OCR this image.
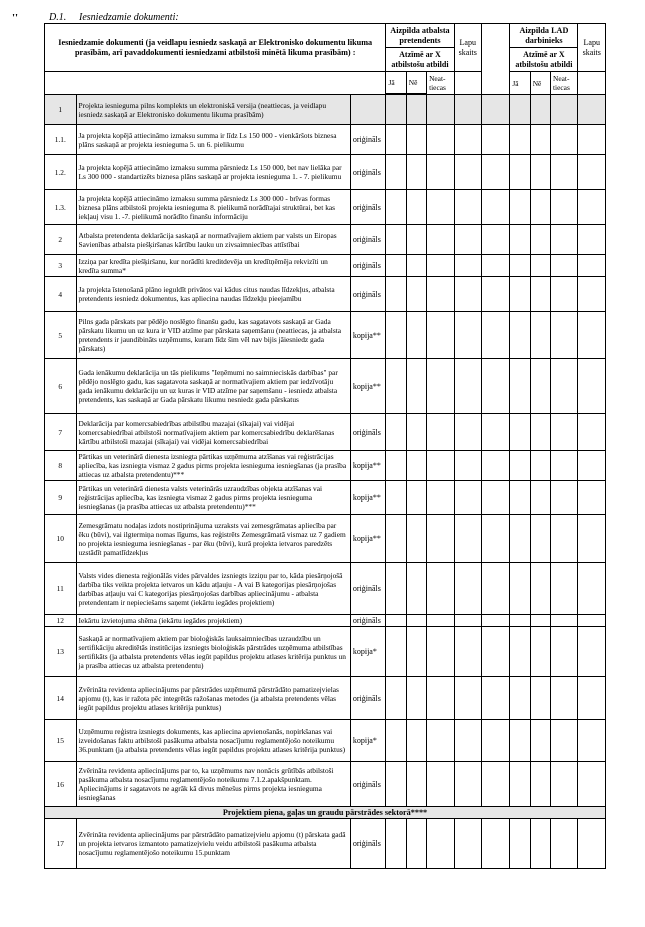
''	D.1. Iesniedzamie dokumenti:
Iesniedzamie dokumenti (ja veidlapu iesniedz saskaņā ar Elektronisko dokumentu likuma prasībām, arī pavaddokumenti iesniedzami atbilstoši minētā likuma prasībām) :			Aizpilda atbalsta pretendents			Lapu skaits		Aizpilda LAD darbinieks			Lapu skaits
			Atzīmē ar X atbilstošu atbildi					Atzīmē ar X atbilstošu atbildi			

			Jā	Nē	Neat-tiecas			Jā	Nē	Neat-tiecas	

1	Projekta iesnieguma pilns komplekts un elektroniskā versija (neattiecas, ja veidlapu iesniedz saskaņā ar Elektronisko dokumentu likuma prasībām)										
1.1.	Ja projekta kopējā attiecināmo izmaksu summa ir līdz Ls 150 000 - vienkāršots biznesa plāns saskaņā ar projekta iesnieguma 5. un 6. pielikumu	oriģināls									
1.2.	Ja projekta kopējā attiecināmo izmaksu summa pārsniedz Ls 150 000, bet nav lielāka par Ls 300 000 - standartizēts biznesa plāns saskaņā ar projekta iesnieguma 1. - 7. pielikumu	oriģināls									
1.3.	Ja projekta kopējā attiecināmo izmaksu summa pārsniedz Ls 300 000 - brīvas formas biznesa plāns atbilstoši projekta iesnieguma 8. pielikumā norādītajai struktūrai, bet kas iekļauj visu 1. -7. pielikumā norādīto finanšu informāciju	oriģināls									
2	Atbalsta pretendenta deklarācija saskaņā ar normatīvajiem aktiem par valsts un Eiropas Savienības atbalsta piešķiršanas kārtību lauku un zivsaimniecības attīstībai	oriģināls									
3	Izziņa par kredīta piešķiršanu, kur norādīti kreditdevēja un kredītņēmēja rekvizīti un kredīta summa*	oriģināls									
4	Ja projekta īstenošanā plāno ieguldīt privātos vai kādus citus naudas līdzekļus, atbalsta pretendents iesniedz dokumentus, kas apliecina naudas līdzekļu pieejamību	oriģināls									
5	Pilns gada pārskats par pēdējo noslēgto finanšu gadu, kas sagatavots saskaņā ar Gada pārskatu likumu un uz kura ir VID atzīme par pārskata saņemšanu (neattiecas, ja atbalsta pretendents ir jaundibināts uzņēmums, kuram līdz šim vēl nav bijis jāiesniedz gada pārskats)	kopija**									
6	Gada ienākumu deklarācija un tās pielikums "Ieņēmumi no saimnieciskās darbības" par pēdējo noslēgto gadu, kas sagatavota saskaņā ar normatīvajiem aktiem par iedzīvotāju gada ienākumu deklarāciju un uz kuras ir VID atzīme par saņemšanu - iesniedz atbalsta pretendents, kas saskaņā ar Gada pārskatu likumu nesniedz gada pārskatus	kopija**									
7	Deklarācija par komercsabiedrības atbilstību mazajai (sīkajai) vai vidējai komercsabiedrībai atbilstoši normatīvajiem aktiem par komercsabiedrību deklarēšanas kārtību atbilstoši mazajai (sīkajai) vai vidējai komercsabiedrībai	oriģināls									
8	Pārtikas un veterinārā dienesta izsniegta pārtikas uzņēmuma atzīšanas vai reģistrācijas apliecība, kas izsniegta vismaz 2 gadus pirms projekta iesnieguma iesniegšanas (ja prasība attiecas uz atbalsta pretendentu)***	kopija**									
9	Pārtikas un veterinārā dienesta valsts veterinārās uzraudzības objekta atzīšanas vai reģistrācijas apliecība, kas izsniegta vismaz 2 gadus pirms projekta iesnieguma iesniegšanas (ja prasība attiecas uz atbalsta pretendentu)***	kopija**									
10	Zemesgrāmatu nodaļas izdots nostiprinājuma uzraksts vai zemesgrāmatas apliecība par ēku (būvi), vai ilgtermiņa nomas līgums, kas reģistrēts Zemesgrāmatā vismaz uz 7 gadiem no projekta iesnieguma iesniegšanas - par ēku (būvi), kurā projekta ietvaros paredzēts uzstādīt pamatlīdzekļus	kopija**									
11	Valsts vides dienesta reģionālās vides pārvaldes izsniegts izziņu par to, kāda piesārņojošā darbība tiks veikta projekta ietvaros un kādu atļauju - A vai B kategorijas piesārņojošas darbības atļauju vai C kategorijas piesārņojošas darbības apliecinājumu - atbalsta pretendentam ir nepieciešams saņemt (iekārtu iegādes projektiem)	oriģināls									
12	Iekārtu izvietojuma shēma (iekārtu iegādes projektiem)	oriģināls									
13	Saskaņā ar normatīvajiem aktiem par bioloģiskās lauksaimniecības uzraudzību un sertifikāciju akreditētās institūcijas izsniegts bioloģiskās pārstrādes uzņēmuma atbilstības sertifikāts (ja atbalsta pretendents vēlas iegūt papildus projektu atlases kritērija punktus un ja prasība attiecas uz atbalsta pretendentu)	kopija*									
14	Zvērināta revidenta apliecinājums par pārstrādes uzņēmumā pārstrādāto pamatizejvielas apjomu (t), kas ir ražota pēc integrētās ražošanas metodes (ja atbalsta pretendents vēlas iegūt papildus projektu atlases kritērija punktus)	oriģināls									
15	Uzņēmumu reģistra izsniegts dokuments, kas apliecina apvienošanās, nopirkšanas vai izveidošanas faktu atbilstoši pasākuma atbalsta nosacījumu reglamentējošo noteikumu 36.punktam (ja atbalsta pretendents vēlas iegūt papildus projektu atlases kritērija punktus)	kopija*									
16	Zvērināta revidenta apliecinājums par to, ka uzņēmums nav nonācis grūtībās atbilstoši pasākuma atbalsta nosacījumu reglamentējošo noteikumu 7.1.2.apakšpunktam. Apliecinājums ir sagatavots ne agrāk kā divus mēnešus pirms projekta iesnieguma iesniegšanas	oriģināls									
Projektiem piena, gaļas un graudu pārstrādes sektorā****											
17	Zvērināta revidenta apliecinājums par pārstrādāto pamatizejvielu apjomu (t) pārskata gadā un projekta ietvaros izmantoto pamatizejvielu veidu atbilstoši pasākuma atbalsta nosacījumu reglamentējošo noteikumu 15.punktam	oriģināls									
